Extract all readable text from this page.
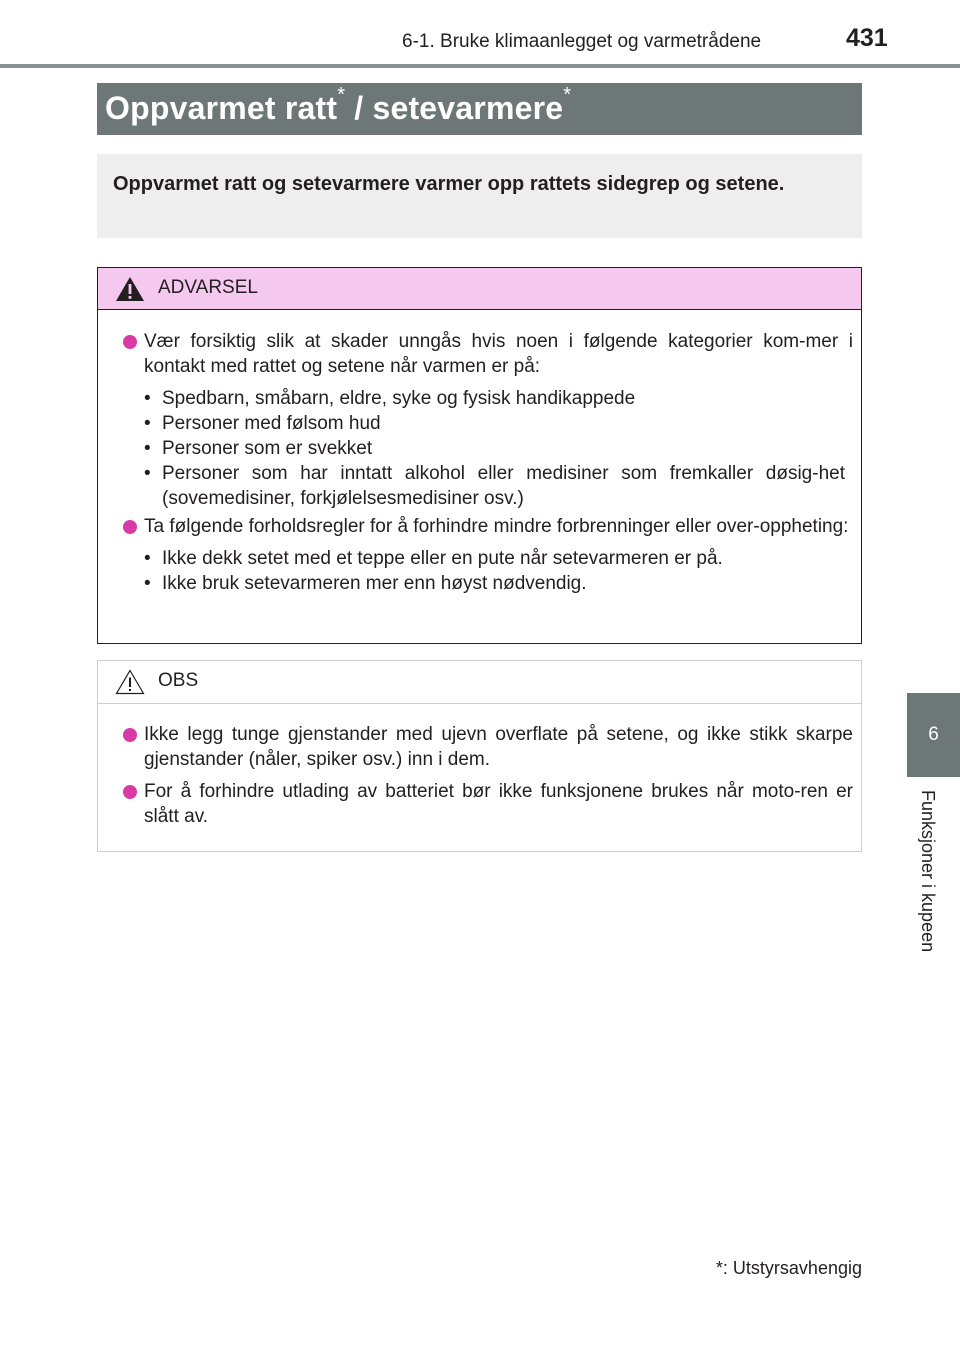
6-1. Bruke klimaanlegget og varmetrådene	431
6
Funksjoner i kupeen
Oppvarmet ratt* / setevarmere*
Oppvarmet ratt og setevarmere varmer opp rattets sidegrep og setene.
ADVARSEL
Vær forsiktig slik at skader unngås hvis noen i følgende kategorier kom-mer i kontakt med rattet og setene når varmen er på:
• Spedbarn, småbarn, eldre, syke og fysisk handikappede
• Personer med følsom hud
• Personer som er svekket
• Personer som har inntatt alkohol eller medisiner som fremkaller døsig-het (sovemedisiner, forkjølelsesmedisiner osv.)
Ta følgende forholdsregler for å forhindre mindre forbrenninger eller over-oppheting:
• Ikke dekk setet med et teppe eller en pute når setevarmeren er på.
• Ikke bruk setevarmeren mer enn høyst nødvendig.
OBS
Ikke legg tunge gjenstander med ujevn overflate på setene, og ikke stikk skarpe gjenstander (nåler, spiker osv.) inn i dem.
For å forhindre utlading av batteriet bør ikke funksjonene brukes når moto-ren er slått av.
*: Utstyrsavhengig
